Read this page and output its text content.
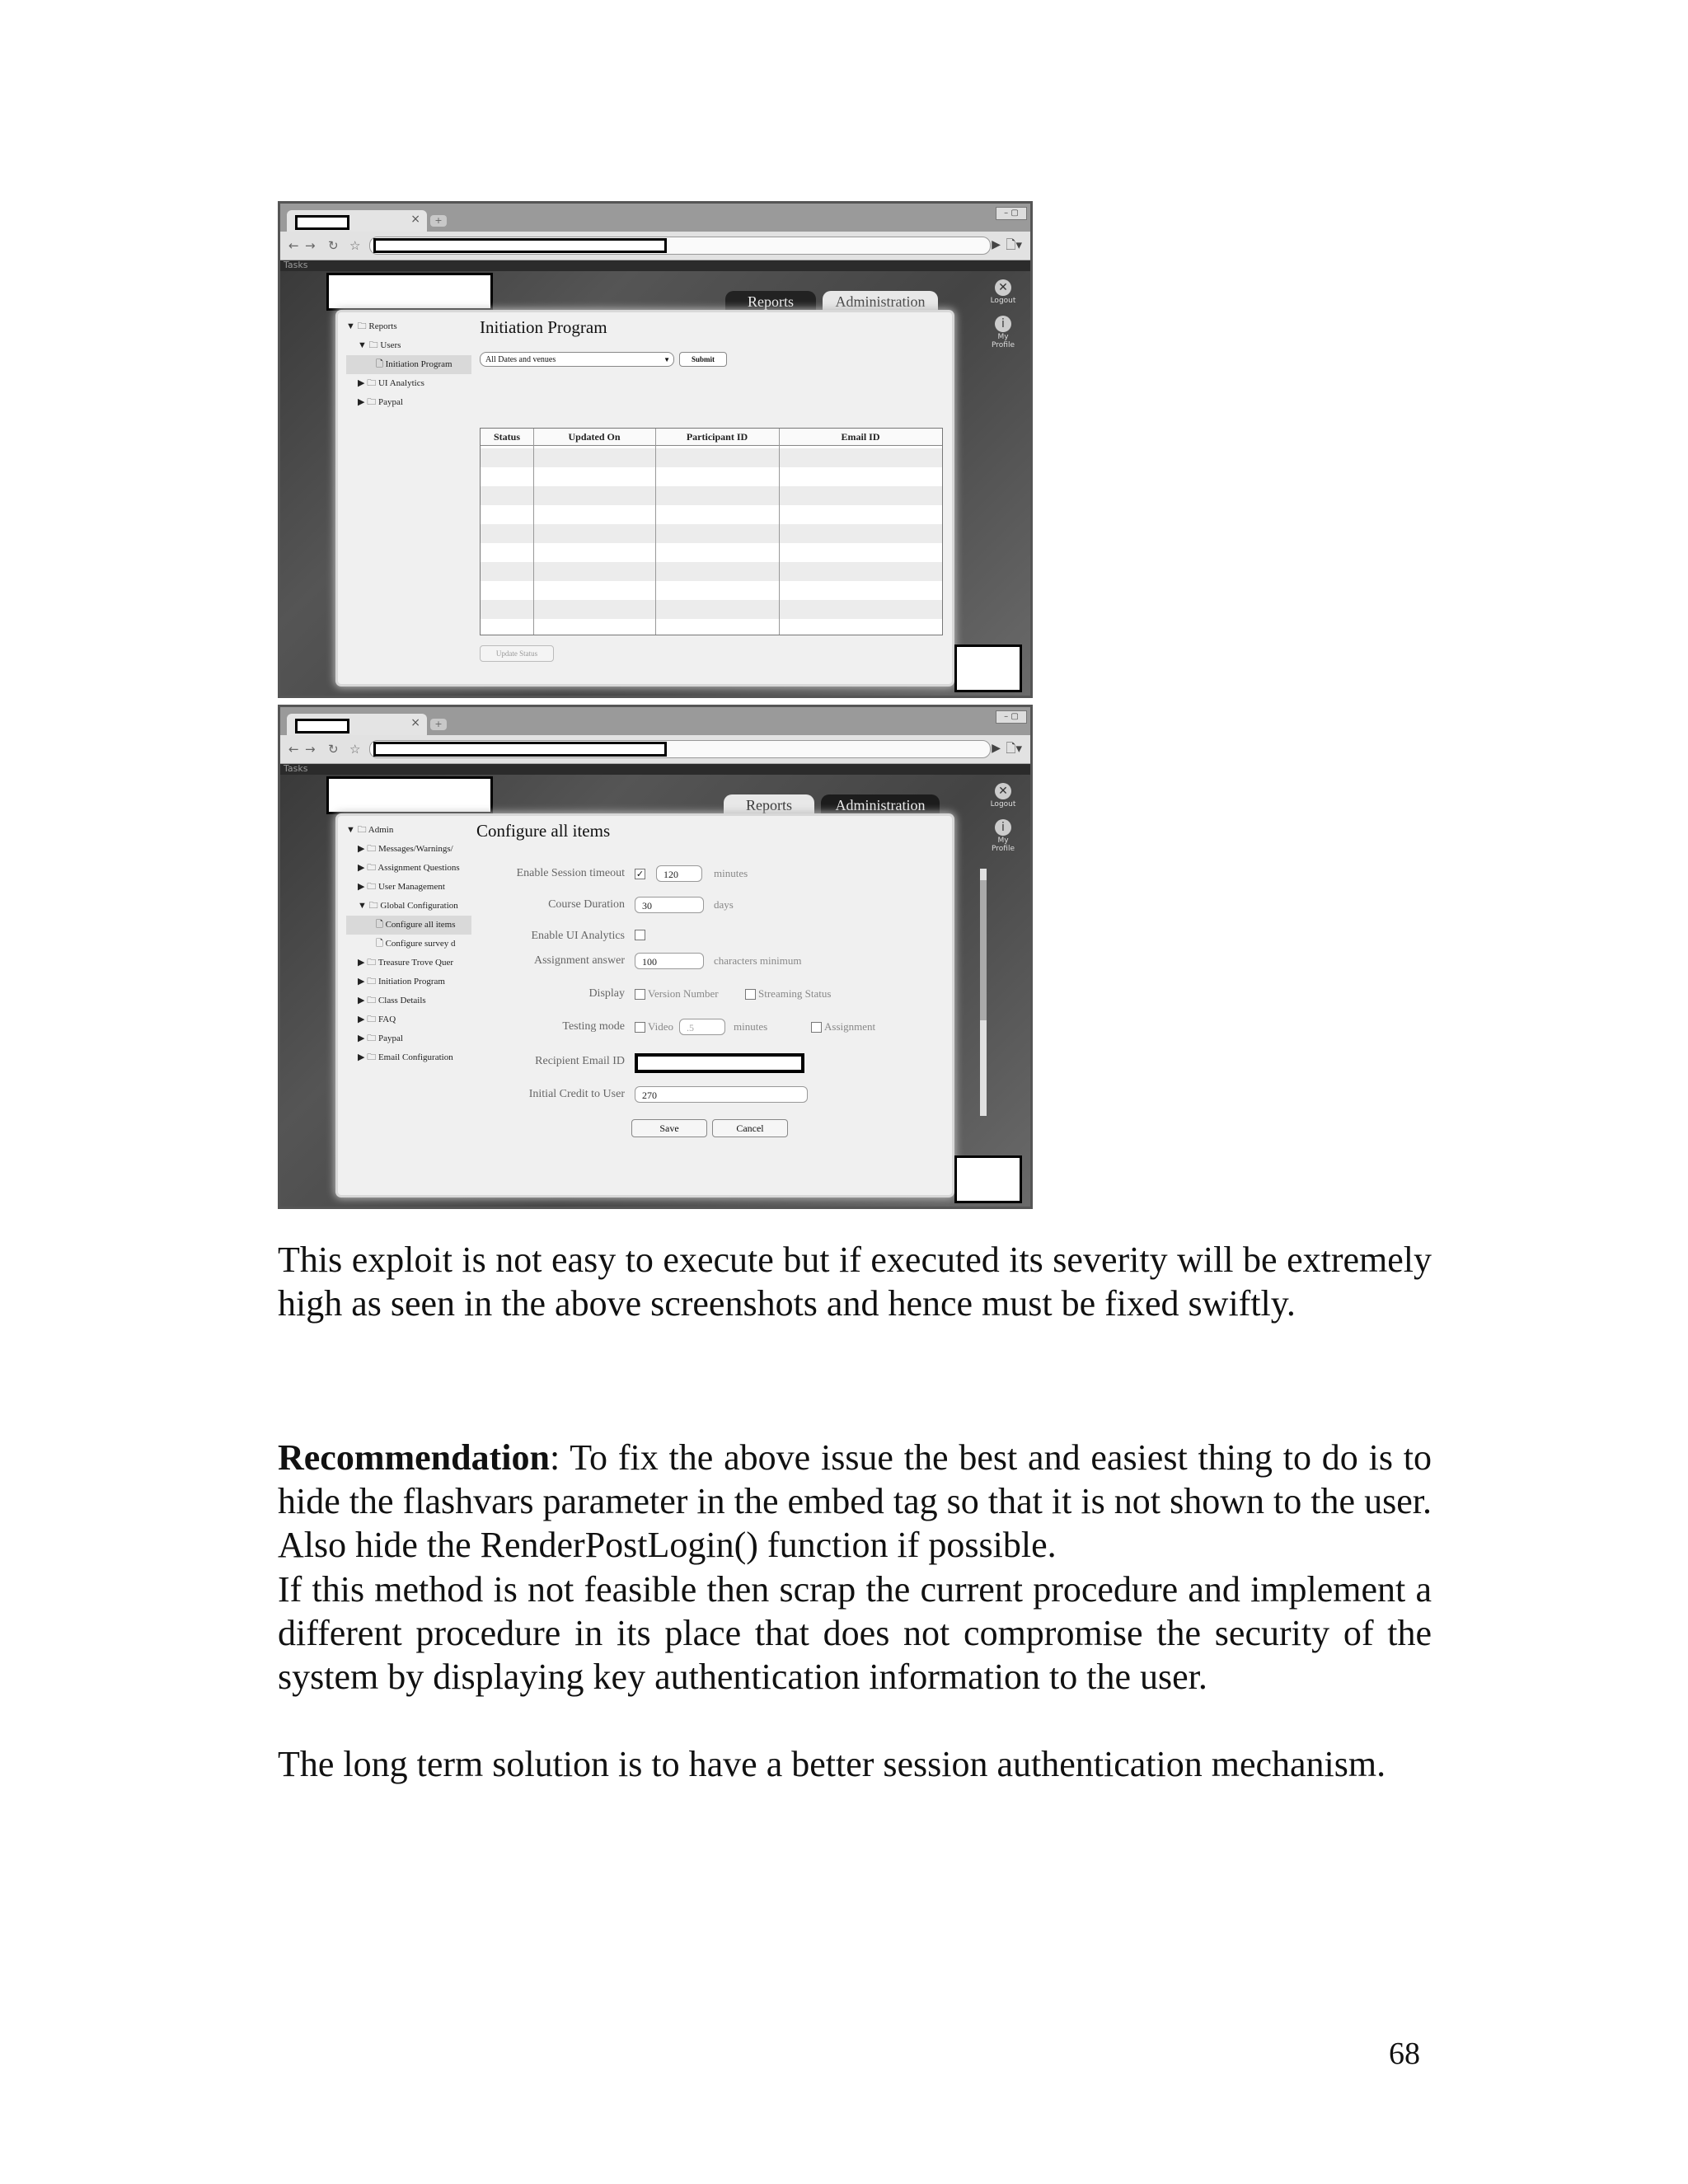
×	+
– ▢
← → ↻ ☆	▶ 🗋▾
Tasks
Reports	Administration
✕
Logout
i
My Profile
▼ 🗀 Reports
▼ 🗀 Users
🗋 Initiation Program
▶ 🗀 UI Analytics
▶ 🗀 Paypal
Initiation Program
All Dates and venues	▼	Submit
Status	Updated On	Participant ID	Email ID
Update Status
×	+
– ▢
← → ↻ ☆	▶ 🗋▾
Tasks
Reports	Administration
✕
Logout
i
My Profile
▼ 🗀 Admin
▶ 🗀 Messages/Warnings/
▶ 🗀 Assignment Questions
▶ 🗀 User Management
▼ 🗀 Global Configuration
🗋 Configure all items
🗋 Configure survey d
▶ 🗀 Treasure Trove Quer
▶ 🗀 Initiation Program
▶ 🗀 Class Details
▶ 🗀 FAQ
▶ 🗀 Paypal
▶ 🗀 Email Configuration
Configure all items
Enable Session timeout ✓	120	minutes
Course Duration	30	days
Enable UI Analytics
Assignment answer	100	characters minimum
Display Version Number	Streaming Status
Testing mode Video	.5	minutes	Assignment
Recipient Email ID
Initial Credit to User	270
Save	Cancel
This exploit is not easy to execute but if executed its severity will be extremely high as seen in the above screenshots and hence must be fixed swiftly.
Recommendation: To fix the above issue the best and easiest thing to do is to hide the flashvars parameter in the embed tag so that it is not shown to the user. Also hide the RenderPostLogin() function if possible.
If this method is not feasible then scrap the current procedure and implement a different procedure in its place that does not compromise the security of the system by displaying key authentication information to the user.
The long term solution is to have a better session authentication mechanism.
68
